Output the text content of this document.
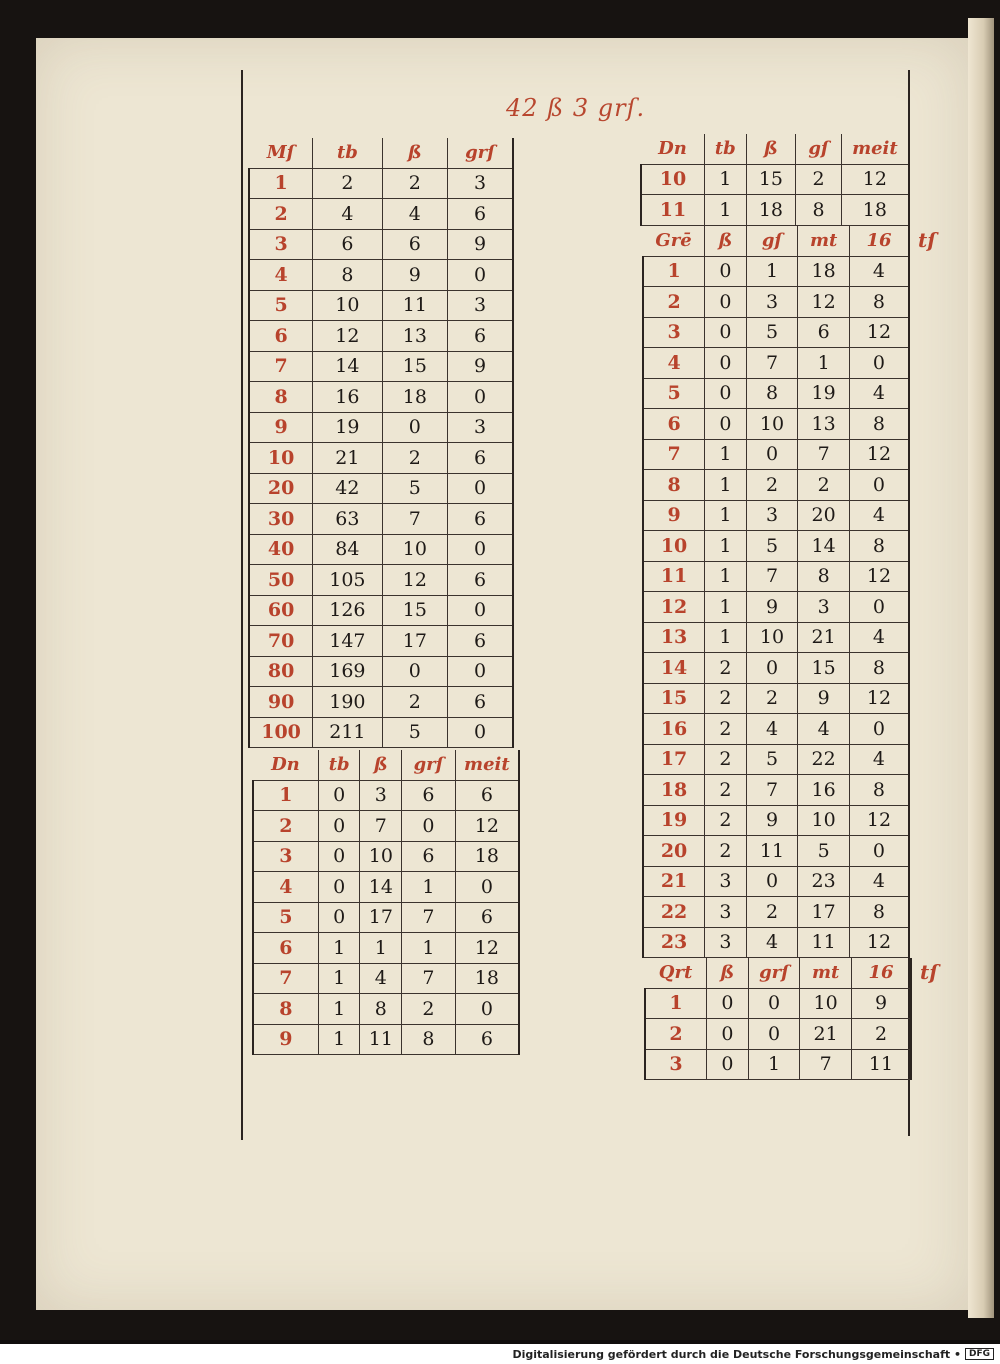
42 ß 3 grſ.
Mſ	tb	ß	grſ
1	2	2	3
2	4	4	6
3	6	6	9
4	8	9	0
5	10	11	3
6	12	13	6
7	14	15	9
8	16	18	0
9	19	0	3
10	21	2	6
20	42	5	0
30	63	7	6
40	84	10	0
50	105	12	6
60	126	15	0
70	147	17	6
80	169	0	0
90	190	2	6
100	211	5	0
Dn	tb	ß	grſ	meit
1	0	3	6	6
2	0	7	0	12
3	0	10	6	18
4	0	14	1	0
5	0	17	7	6
6	1	1	1	12
7	1	4	7	18
8	1	8	2	0
9	1	11	8	6
Dn	tb	ß	gſ	meit
10	1	15	2	12
11	1	18	8	18
Grē	ß	gſ	mt	16
1	0	1	18	4
2	0	3	12	8
3	0	5	6	12
4	0	7	1	0
5	0	8	19	4
6	0	10	13	8
7	1	0	7	12
8	1	2	2	0
9	1	3	20	4
10	1	5	14	8
11	1	7	8	12
12	1	9	3	0
13	1	10	21	4
14	2	0	15	8
15	2	2	9	12
16	2	4	4	0
17	2	5	22	4
18	2	7	16	8
19	2	9	10	12
20	2	11	5	0
21	3	0	23	4
22	3	2	17	8
23	3	4	11	12
tſ
Qrt	ß	grſ	mt	16
1	0	0	10	9
2	0	0	21	2
3	0	1	7	11
tſ
Digitalisierung gefördert durch die Deutsche Forschungsgemeinschaft • DFG
